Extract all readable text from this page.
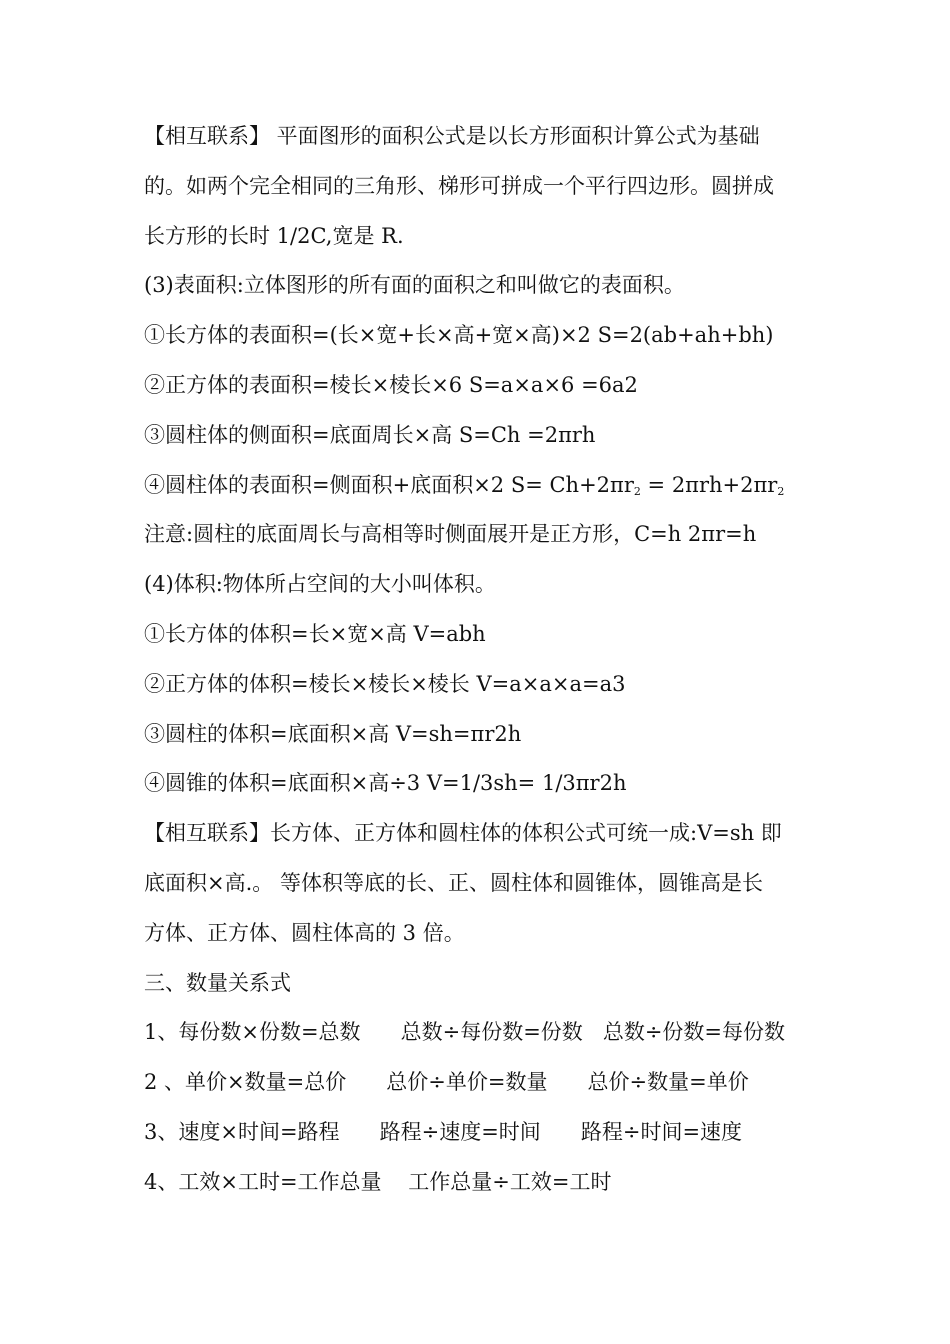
【相互联系】 平面图形的面积公式是以长方形面积计算公式为基础
的。如两个完全相同的三角形、梯形可拼成一个平行四边形。圆拼成
长方形的长时 1/2C,宽是 R.
(3)表面积:立体图形的所有面的面积之和叫做它的表面积。
①长方体的表面积=(长×宽+长×高+宽×高)×2 S=2(ab+ah+bh)
②正方体的表面积=棱长×棱长×6 S=a×a×6 =6a2
③圆柱体的侧面积=底面周长×高 S=Ch =2πrh
④圆柱体的表面积=侧面积+底面积×2 $S= Ch+2\pi r_2 = 2\pi rh+2\pi r_2$
注意:圆柱的底面周长与高相等时侧面展开是正方形，C=h 2πr=h
(4)体积:物体所占空间的大小叫体积。
①长方体的体积=长×宽×高 V=abh
②正方体的体积=棱长×棱长×棱长 V=a×a×a=a3
③圆柱的体积=底面积×高 V=sh=πr2h
④圆锥的体积=底面积×高÷3 V=1/3sh= 1/3πr2h
【相互联系】长方体、正方体和圆柱体的体积公式可统一成:V=sh 即
底面积×高.。 等体积等底的长、正、圆柱体和圆锥体，圆锥高是长
方体、正方体、圆柱体高的 3 倍。
三、数量关系式
1、每份数×份数=总数      总数÷每份数=份数   总数÷份数=每份数
2 、单价×数量=总价      总价÷单价=数量      总价÷数量=单价
3、速度×时间=路程      路程÷速度=时间      路程÷时间=速度
4、工效×工时=工作总量    工作总量÷工效=工时
